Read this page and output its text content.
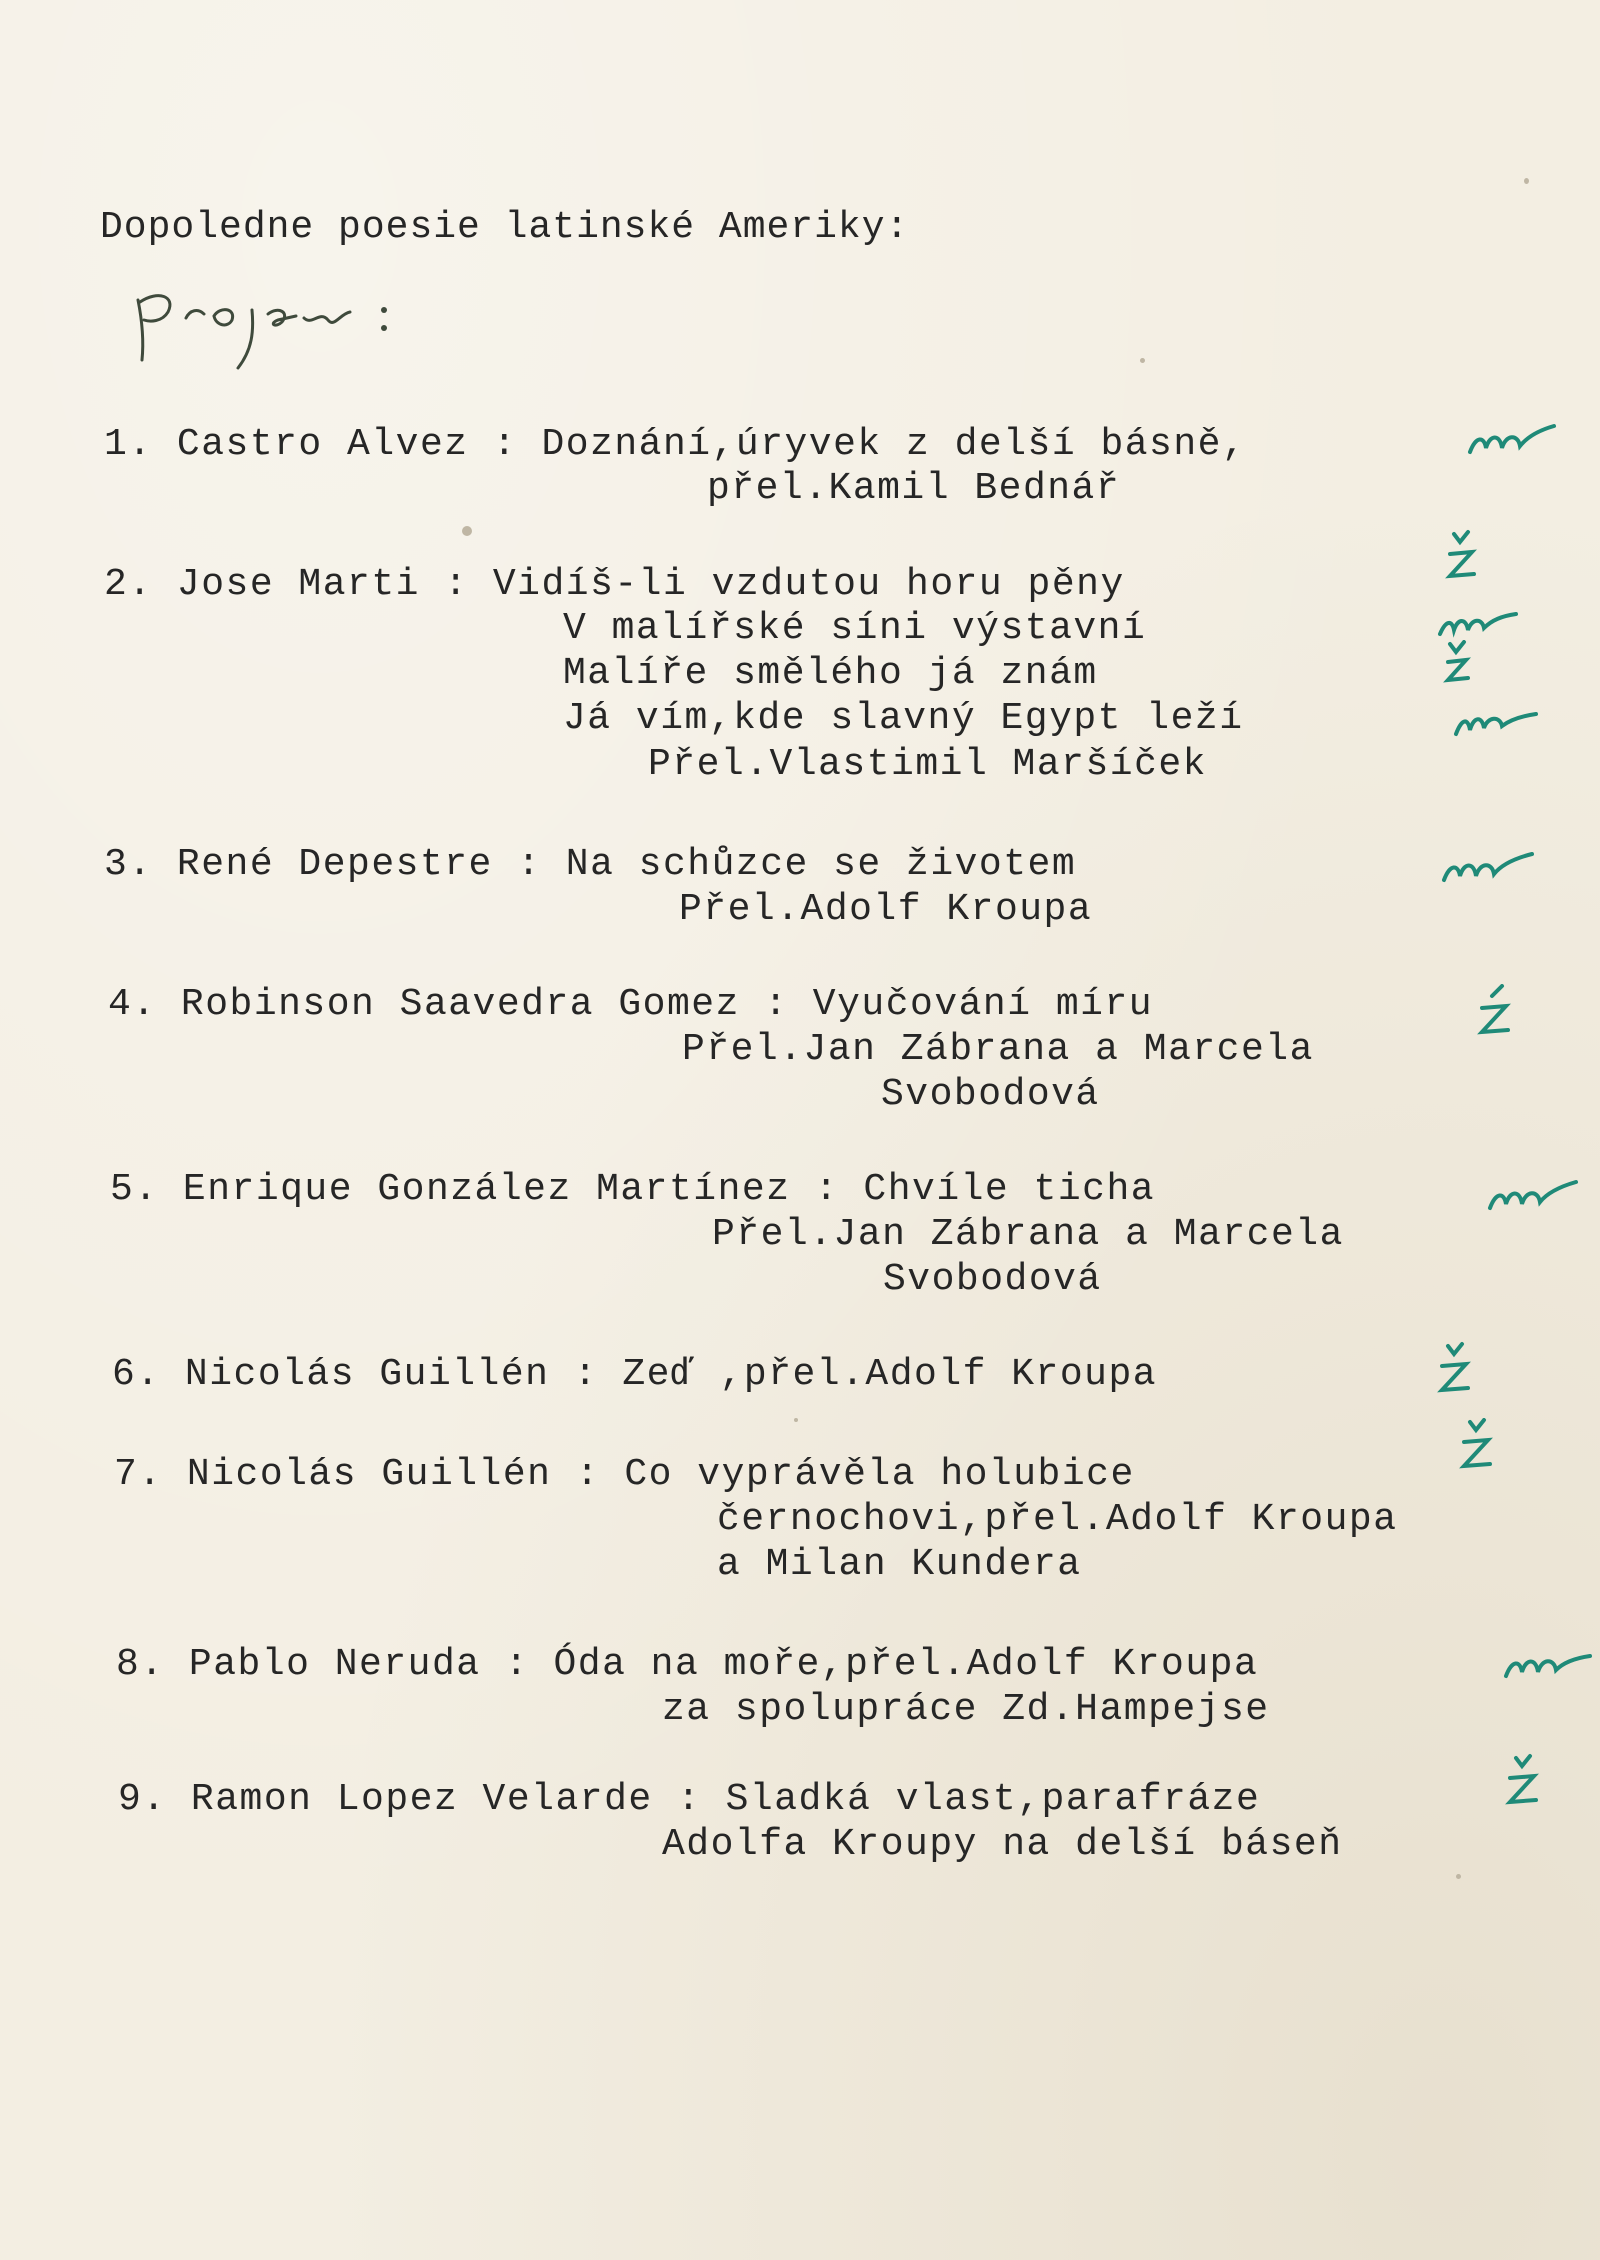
Dopoledne poesie latinské Ameriky:
1. Castro Alvez : Doznání,úryvek z delší básně,
přel.Kamil Bednář
2. Jose Marti : Vidíš-li vzdutou horu pěny
V malířské síni výstavní
Malíře smělého já znám
Já vím,kde slavný Egypt leží
Přel.Vlastimil Maršíček
3. René Depestre : Na schůzce se životem
Přel.Adolf Kroupa
4. Robinson Saavedra Gomez : Vyučování míru
Přel.Jan Zábrana a Marcela
Svobodová
5. Enrique González Martínez : Chvíle ticha
Přel.Jan Zábrana a Marcela
Svobodová
6. Nicolás Guillén : Zeď ,přel.Adolf Kroupa
7. Nicolás Guillén : Co vyprávěla holubice
černochovi,přel.Adolf Kroupa
a Milan Kundera
8. Pablo Neruda : Óda na moře,přel.Adolf Kroupa
za spolupráce Zd.Hampejse
9. Ramon Lopez Velarde : Sladká vlast,parafráze
Adolfa Kroupy na delší báseň
